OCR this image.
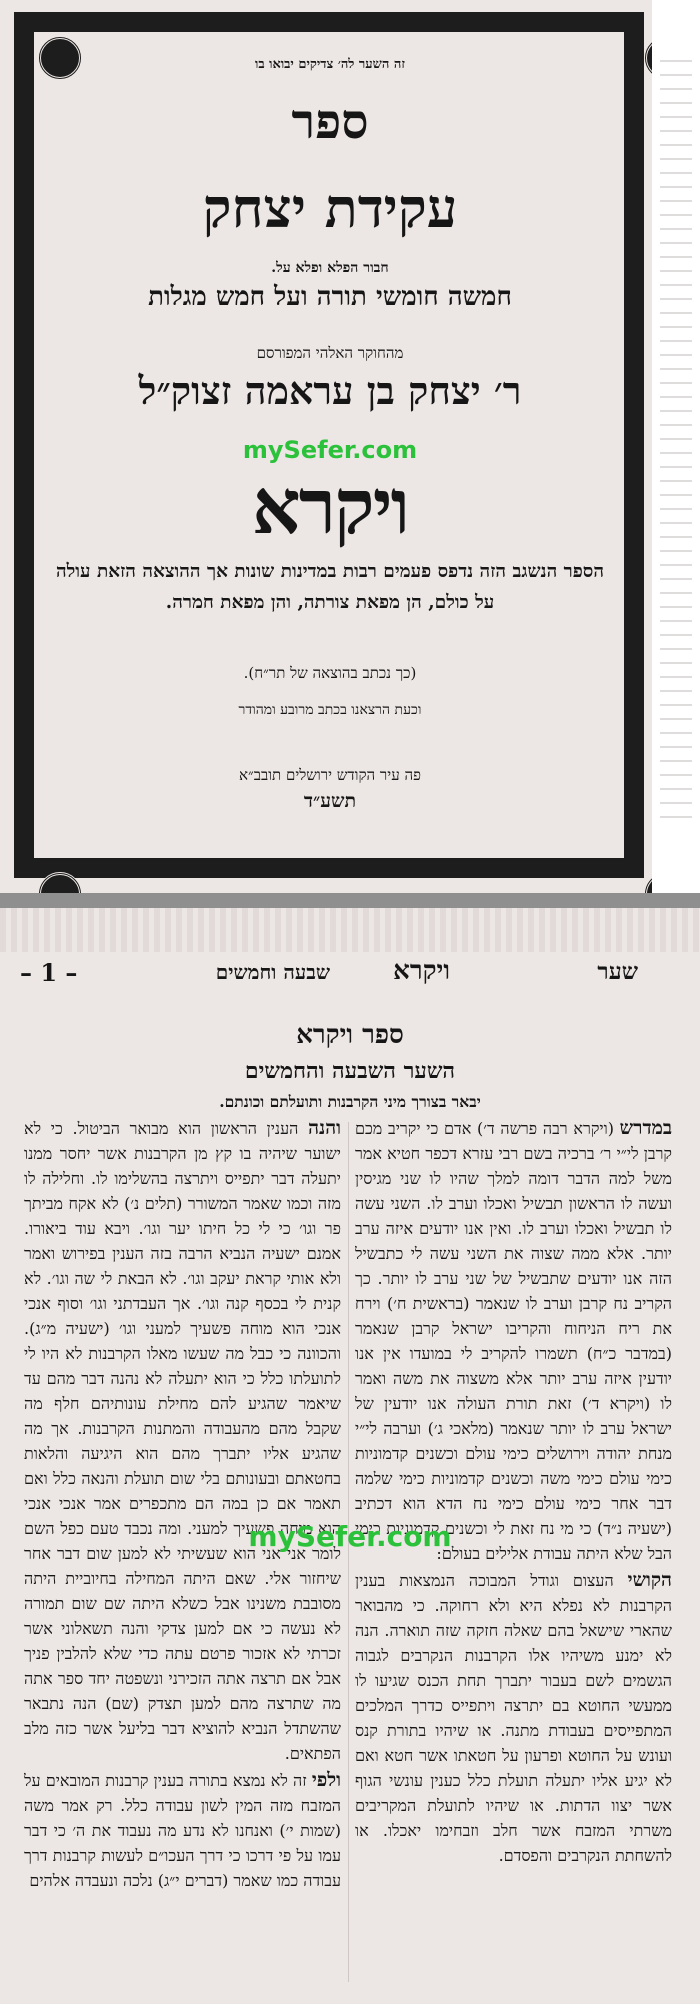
זה השער לה׳ צדיקים יבואו בו
ספר
עקידת יצחק
חבור הפלא ופלא על.
חמשה חומשי תורה ועל חמש מגלות
מהחוקר האלהי המפורסם
ר׳ יצחק בן עראמה זצוק״ל
mySefer.com
ויקרא
הספר הנשגב הזה נדפס פעמים רבות במדינות שונות אך ההוצאה הזאת עולה על כולם, הן מפאת צורתה, והן מפאת חמרה.
(כך נכתב בהוצאה של תר״ח).
וכעת הרצאנו בכתב מרובע ומהודר
פה עיר הקודש ירושלים תובב״א
תשע״ד
שער
ויקרא
שבעה וחמשים
– 1 –
ספר ויקרא
השער השבעה והחמשים
יבאר בצורך מיני הקרבנות ותועלתם וכונתם.

במדרש (ויקרא רבה פרשה ד׳) אדם כי יקריב מכם קרבן לי״י ר׳ ברכיה בשם רבי עזרא דכפר חטיא אמר משל למה הדבר דומה למלך שהיו לו שני מגיסין ועשה לו הראשון תבשיל ואכלו וערב לו. השני עשה לו תבשיל ואכלו וערב לו. ואין אנו יודעים איזה ערב יותר. אלא ממה שצוה את השני עשה לי כתבשיל הזה אנו יודעים שתבשיל של שני ערב לו יותר. כך הקריב נח קרבן וערב לו שנאמר (בראשית ח׳) וירח את ריח הניחוח והקריבו ישראל קרבן שנאמר (במדבר כ״ח) תשמרו להקריב לי במועדו אין אנו יודעין איזה ערב יותר אלא משצוה את משה ואמר לו (ויקרא ד׳) זאת תורת העולה אנו יודעין של ישראל ערב לו יותר שנאמר (מלאכי ג׳) וערבה לי״י מנחת יהודה וירושלים כימי עולם וכשנים קדמוניות כימי עולם כימי משה וכשנים קדמוניות כימי שלמה דבר אחר כימי עולם כימי נח הדא הוא דכתיב (ישעיה נ״ד) כי מי נח זאת לי וכשנים קדמוניות כימי הבל שלא היתה עבודת אלילים בעולם:

הקושי העצום וגודל המבוכה הנמצאות בענין הקרבנות לא נפלא היא ולא רחוקה. כי מהבואר שהארי שישאל בהם שאלה חזקה שזה תוארה. הנה לא ימנע משיהיו אלו הקרבנות הנקרבים לגבוה הגשמים לשם בעבור יתברך תחת הכנס שגיעו לו ממעשי החוטא בם יתרצה ויתפייס כדרך המלכים המתפייסים בעבודת מתנה. או שיהיו בתורת קנס ועונש על החוטא ופרעון על חטאתו אשר חטא ואם לא יגיע אליו יתעלה תועלת כלל כענין עונשי הגוף אשר יצוו הדתות. או שיהיו לתועלת המקריבים משרתי המזבח אשר חלב וזבחימו יאכלו. או להשחתת הנקרבים והפסדם.

והנה הענין הראשון הוא מבואר הביטול. כי לא ישוער שיהיה בו קץ מן הקרבנות אשר יחסר ממנו יתעלה דבר יתפייס ויתרצה בהשלימו לו. וחלילה לו מזה וכמו שאמר המשורר (תלים נ׳) לא אקח מביתך פר וגו׳ כי לי כל חיתו יער וגו׳. ויבא עוד ביאורו. אמנם ישעיה הנביא הרבה בזה הענין בפירוש ואמר ולא אותי קראת יעקב וגו׳. לא הבאת לי שה וגו׳. לא קנית לי בכסף קנה וגו׳. אך העבדתני וגו׳ וסוף אנכי אנכי הוא מוחה פשעיך למעני וגו׳ (ישעיה מ״ג). והכוונה כי כבל מה שעשו מאלו הקרבנות לא היו לי לתועלתו כלל כי הוא יתעלה לא נהנה דבר מהם עד שיאמר שהגיע להם מחילת עונותיהם חלף מה שקבל מהם מהעבודה והמתנות הקרבנות. אך מה שהגיע אליו יתברך מהם הוא היגיעה והלאות בחטאתם ובעונותם בלי שום תועלת והנאה כלל ואם תאמר אם כן במה הם מתכפרים אמר אנכי אנכי הוא מוחה פשעיך למעני. ומה נכבד טעם כפל השם לומר אני אני הוא שעשיתי לא למען שום דבר אחר שיחזור אלי. שאם היתה המחילה בחיוביית היתה מסובבת משנינו אבל כשלא היתה שם שום תמורה לא נעשה כי אם למען צדקי והנה תשאלוני אשר זכרתי לא אזכור פרטם עתה כדי שלא להלבין פניך אבל אם תרצה אתה הזכירני ונשפטה יחד ספר אתה מה שתרצה מהם למען תצדק (שם) הנה נתבאר שהשתדל הנביא להוציא דבר בליעל אשר כזה מלב הפתאים.

ולפי זה לא נמצא בתורה בענין קרבנות המובאים על המזבח מזה המין לשון עבודה כלל. רק אמר משה (שמות י׳) ואנחנו לא נדע מה נעבוד את ה׳ כי דבר עמו על פי דרכו כי דרך העכו״ם לעשות קרבנות דרך עבודה כמו שאמר (דברים י״ג) נלכה ונעבדה אלהים

mySefer.com
